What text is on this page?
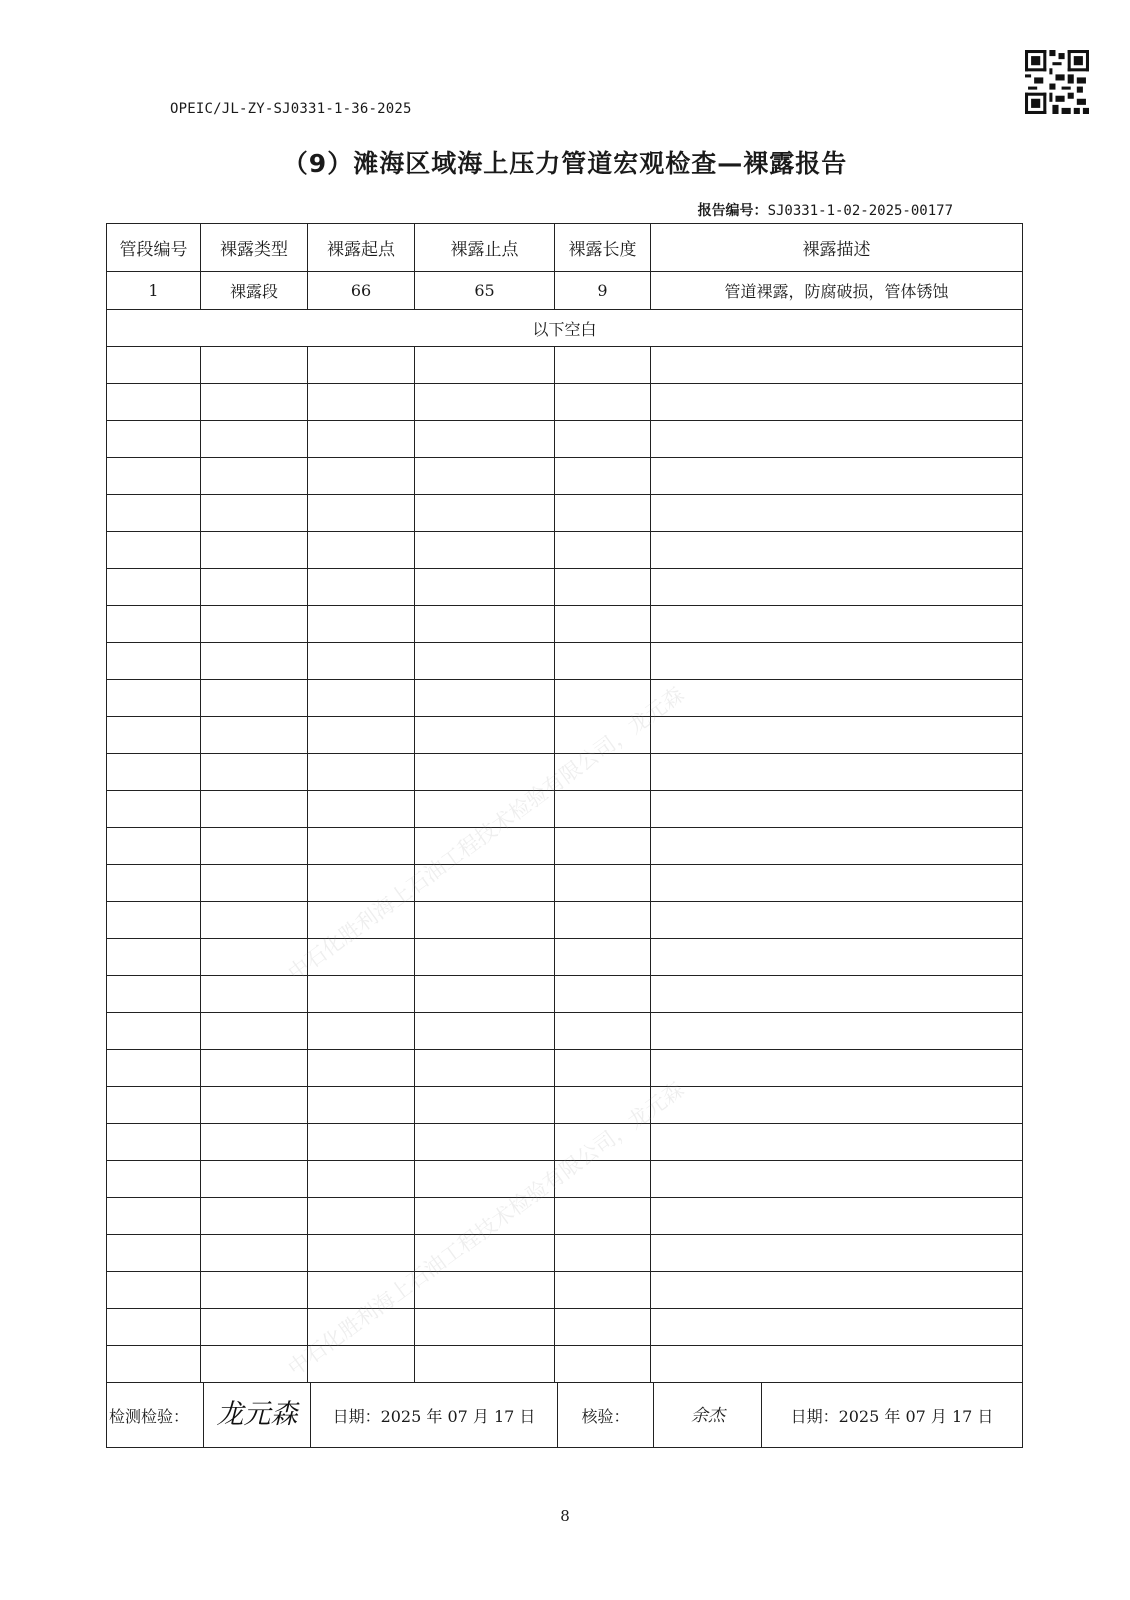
OPEIC/JL-ZY-SJ0331-1-36-2025
（9）滩海区域海上压力管道宏观检查—裸露报告
报告编号：SJ0331-1-02-2025-00177
管段编号	裸露类型	裸露起点	裸露止点	裸露长度	裸露描述
1	裸露段	66	65	9	管道裸露，防腐破损，管体锈蚀
以下空白					

检测检验：	龙元森	日期：2025 年 07 月 17 日	核验：	余杰	日期：2025 年 07 月 17 日
8
中石化胜利海上石油工程技术检验有限公司，龙元森
中石化胜利海上石油工程技术检验有限公司，龙元森
